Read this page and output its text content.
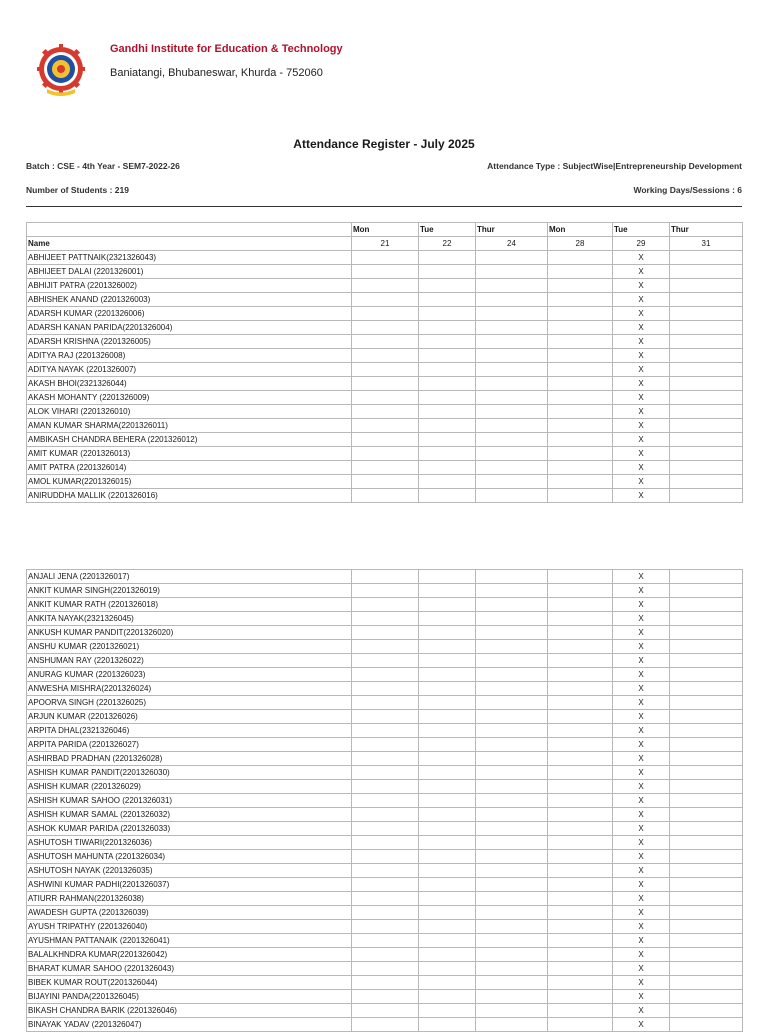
Gandhi Institute for Education & Technology
Baniatangi, Bhubaneswar, Khurda - 752060
Attendance Register - July 2025
Batch : CSE - 4th Year - SEM7-2022-26	Attendance Type : SubjectWise|Entrepreneurship Development
Number of Students : 219	Working Days/Sessions : 6
	Mon	Tue	Thur	Mon	Tue	Thur
Name	21	22	24	28	29	31
ABHIJEET PATTNAIK(2321326043)					X	
ABHIJEET DALAI (2201326001)					X	
ABHIJIT PATRA (2201326002)					X	
ABHISHEK ANAND (2201326003)					X	
ADARSH KUMAR (2201326006)					X	
ADARSH KANAN PARIDA(2201326004)					X	
ADARSH KRISHNA (2201326005)					X	
ADITYA RAJ (2201326008)					X	
ADITYA NAYAK (2201326007)					X	
AKASH BHOI(2321326044)					X	
AKASH MOHANTY (2201326009)					X	
ALOK VIHARI (2201326010)					X	
AMAN KUMAR SHARMA(2201326011)					X	
AMBIKASH CHANDRA BEHERA (2201326012)					X	
AMIT KUMAR (2201326013)					X	
AMIT PATRA (2201326014)					X	
AMOL KUMAR(2201326015)					X	
ANIRUDDHA MALLIK (2201326016)					X	
ANJALI JENA (2201326017)					X	
ANKIT KUMAR SINGH(2201326019)					X	
ANKIT KUMAR RATH (2201326018)					X	
ANKITA NAYAK(2321326045)					X	
ANKUSH KUMAR PANDIT(2201326020)					X	
ANSHU KUMAR (2201326021)					X	
ANSHUMAN RAY (2201326022)					X	
ANURAG KUMAR (2201326023)					X	
ANWESHA MISHRA(2201326024)					X	
APOORVA SINGH (2201326025)					X	
ARJUN KUMAR (2201326026)					X	
ARPITA DHAL(2321326046)					X	
ARPITA PARIDA (2201326027)					X	
ASHIRBAD PRADHAN (2201326028)					X	
ASHISH KUMAR PANDIT(2201326030)					X	
ASHISH KUMAR (2201326029)					X	
ASHISH KUMAR SAHOO (2201326031)					X	
ASHISH KUMAR SAMAL (2201326032)					X	
ASHOK KUMAR PARIDA (2201326033)					X	
ASHUTOSH TIWARI(2201326036)					X	
ASHUTOSH MAHUNTA (2201326034)					X	
ASHUTOSH NAYAK (2201326035)					X	
ASHWINI KUMAR PADHI(2201326037)					X	
ATIURR RAHMAN(2201326038)					X	
AWADESH GUPTA (2201326039)					X	
AYUSH TRIPATHY (2201326040)					X	
AYUSHMAN PATTANAIK (2201326041)					X	
BALALKHNDRA KUMAR(2201326042)					X	
BHARAT KUMAR SAHOO (2201326043)					X	
BIBEK KUMAR ROUT(2201326044)					X	
BIJAYINI PANDA(2201326045)					X	
BIKASH CHANDRA BARIK (2201326046)					X	
BINAYAK YADAV (2201326047)					X	
